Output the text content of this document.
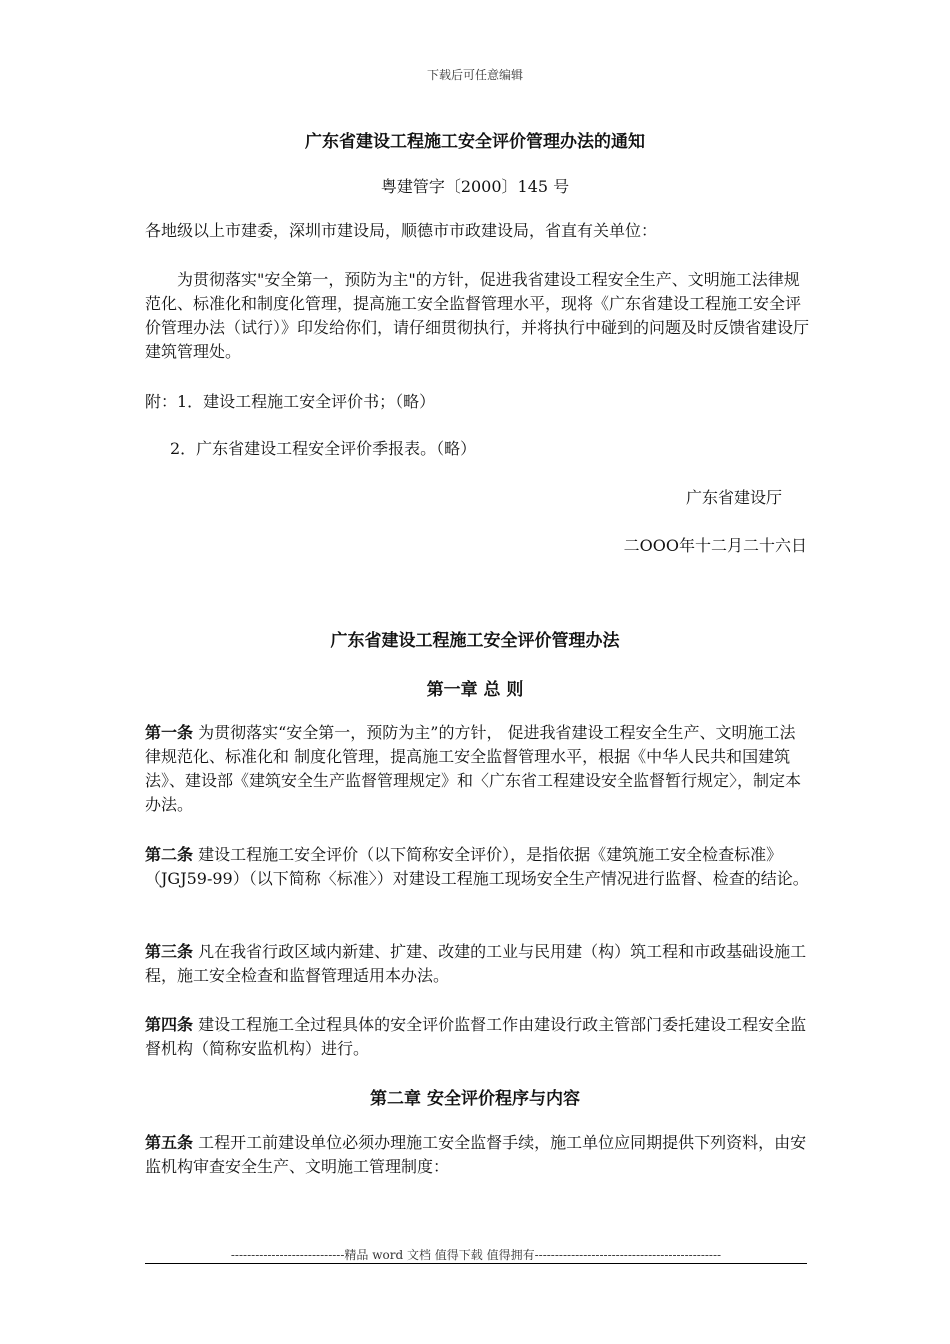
下载后可任意编辑
广东省建设工程施工安全评价管理办法的通知
粤建管字〔2000〕145 号
各地级以上市建委，深圳市建设局，顺德市市政建设局，省直有关单位：
为贯彻落实"安全第一，预防为主"的方针，促进我省建设工程安全生产、文明施工法律规范化、标准化和制度化管理，提高施工安全监督管理水平，现将《广东省建设工程施工安全评价管理办法（试行）》印发给你们，请仔细贯彻执行，并将执行中碰到的问题及时反馈省建设厅建筑管理处。
附：1．建设工程施工安全评价书；（略）
2．广东省建设工程安全评价季报表。（略）
广东省建设厅
二OOO年十二月二十六日
广东省建设工程施工安全评价管理办法
第一章 总 则
第一条 为贯彻落实“安全第一，预防为主”的方针， 促进我省建设工程安全生产、文明施工法律规范化、标准化和 制度化管理，提高施工安全监督管理水平，根据《中华人民共和国建筑法》、建设部《建筑安全生产监督管理规定》和〈广东省工程建设安全监督暂行规定〉，制定本办法。
第二条 建设工程施工安全评价（以下简称安全评价），是指依据《建筑施工安全检查标准》（JGJ59-99）（以下简称〈标准〉）对建设工程施工现场安全生产情况进行监督、检查的结论。
第三条 凡在我省行政区域内新建、扩建、改建的工业与民用建（构）筑工程和市政基础设施工程，施工安全检查和监督管理适用本办法。
第四条 建设工程施工全过程具体的安全评价监督工作由建设行政主管部门委托建设工程安全监督机构（简称安监机构）进行。
第二章 安全评价程序与内容
第五条 工程开工前建设单位必须办理施工安全监督手续，施工单位应同期提供下列资料，由安监机构审查安全生产、文明施工管理制度：
----------------------------精品 word 文档 值得下载 值得拥有----------------------------------------------
